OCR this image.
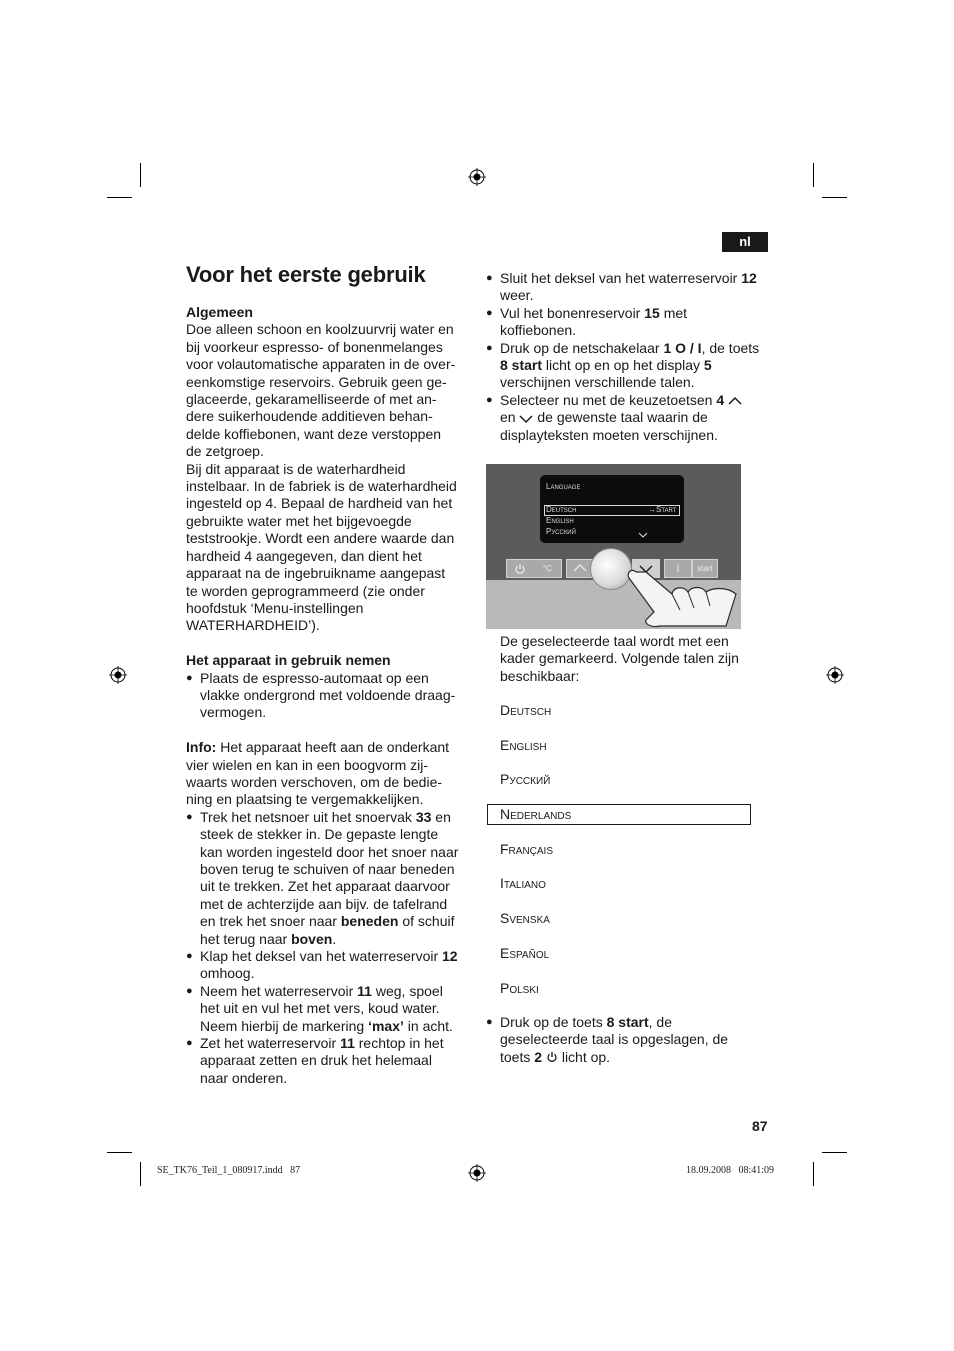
nl
Voor het eerste gebruik

Algemeen

Doe alleen schoon en koolzuurvrij water en

bij voorkeur espresso- of bonenmelanges

voor volautomatische apparaten in de over-

eenkomstige reservoirs. Gebruik geen ge-

glaceerde, gekaramelliseerde of met an-

dere suikerhoudende additieven behan-

delde koffiebonen, want deze verstoppen

de zetgroep.

Bij dit apparaat is de waterhardheid

instelbaar. In de fabriek is de waterhardheid

ingesteld op 4. Bepaal de hardheid van het

gebruikte water met het bijgevoegde

teststrookje. Wordt een andere waarde dan

hardheid 4 aangegeven, dan dient het

apparaat na de ingebruikname aangepast

te worden geprogrammeerd (zie onder

hoofdstuk ‘Menu-instellingen

WATERHARDHEID’).

Het apparaat in gebruik nemen

● Plaats de espresso-automaat op een

vlakke ondergrond met voldoende draag-

vermogen.

Info: Het apparaat heeft aan de onderkant

vier wielen en kan in een boogvorm zij-

waarts worden verschoven, om de bedie-

ning en plaatsing te vergemakkelijken.

● Trek het netsnoer uit het snoervak 33 en

steek de stekker in. De gepaste lengte

kan worden ingesteld door het snoer naar

boven terug te schuiven of naar beneden

uit te trekken. Zet het apparaat daarvoor

met de achterzijde aan bijv. de tafelrand

en trek het snoer naar beneden of schuif

het terug naar boven.

● Klap het deksel van het waterreservoir 12

omhoog.

● Neem het waterreservoir 11 weg, spoel

het uit en vul het met vers, koud water.

Neem hierbij de markering ‘max’ in acht.

● Zet het waterreservoir 11 rechtop in het

apparaat zetten en druk het helemaal

naar onderen.

● Sluit het deksel van het waterreservoir 12

weer.

● Vul het bonenreservoir 15 met

koffiebonen.

● Druk op de netschakelaar 1 O / I, de toets

8 start licht op en op het display 5

verschijnen verschillende talen.

● Selecteer nu met de keuzetoetsen 4

en  de gewenste taal waarin de

displayteksten moeten verschijnen.

Language
Deutsch	→Start
English
Русский
°C	i	start

De geselecteerde taal wordt met een

kader gemarkeerd. Volgende talen zijn

beschikbaar:

Deutsch
English
Русский
Nederlands
Français
Italiano
Svenska
Español
Polski

● Druk op de toets 8 start, de

geselecteerde taal is opgeslagen, de

toets 2  licht op.

87
SE_TK76_Teil_1_080917.indd   87	18.09.2008   08:41:09
